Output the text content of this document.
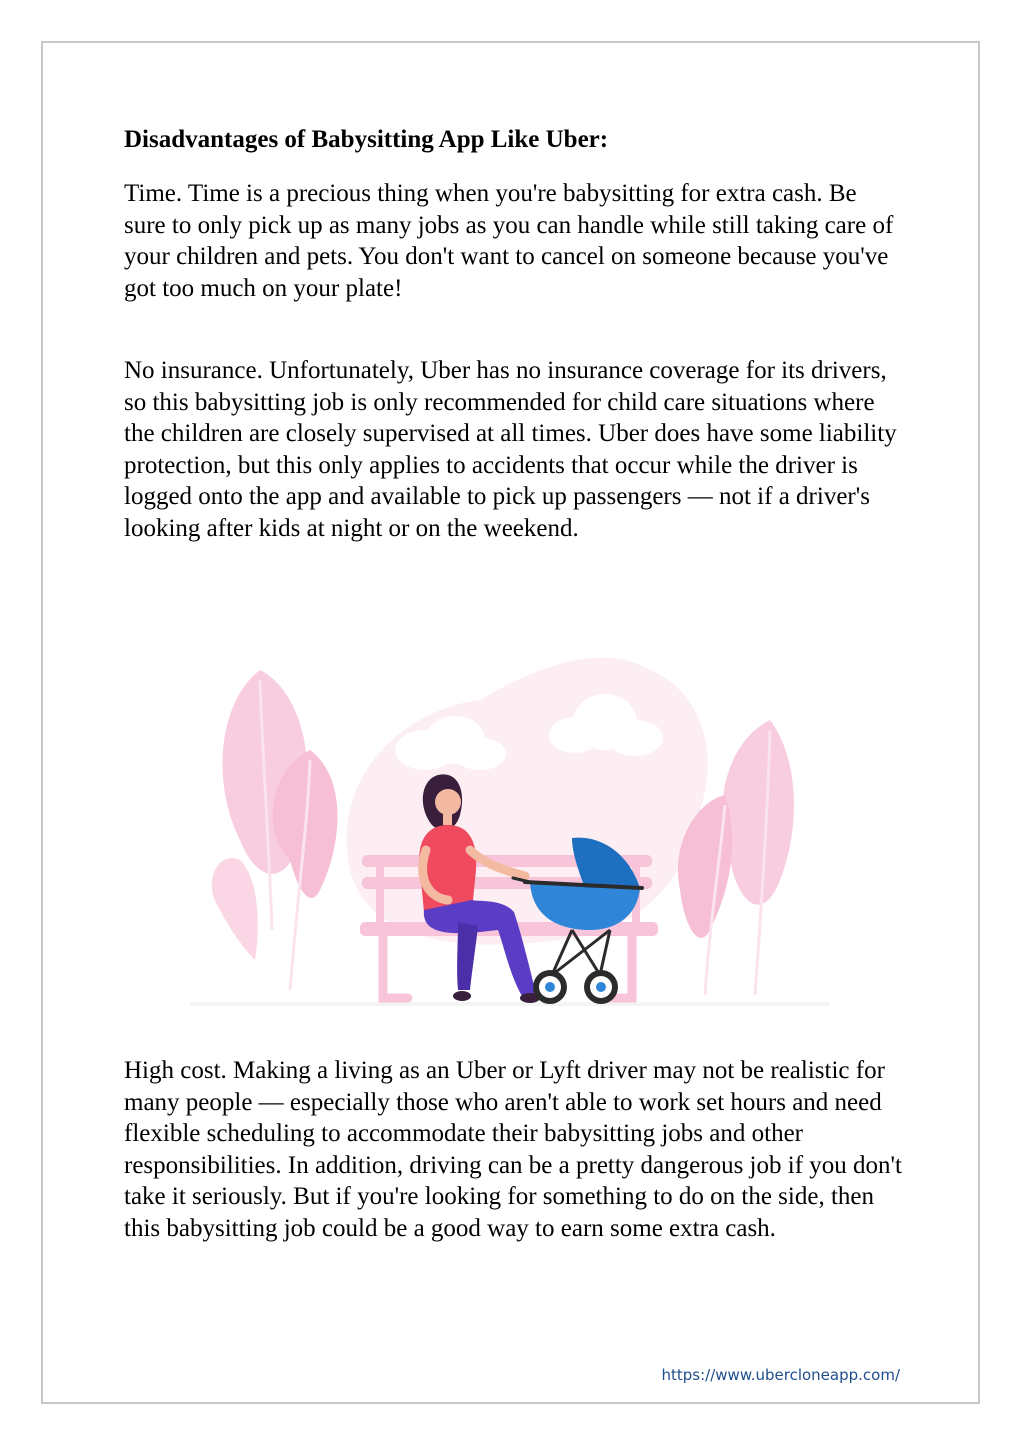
Disadvantages of Babysitting App Like Uber:

Time. Time is a precious thing when you're babysitting for extra cash. Be sure to only pick up as many jobs as you can handle while still taking care of your children and pets. You don't want to cancel on someone because you've got too much on your plate!

No insurance. Unfortunately, Uber has no insurance coverage for its drivers, so this babysitting job is only recommended for child care situations where the children are closely supervised at all times. Uber does have some liability protection, but this only applies to accidents that occur while the driver is logged onto the app and available to pick up passengers — not if a driver's looking after kids at night or on the weekend.

High cost. Making a living as an Uber or Lyft driver may not be realistic for many people — especially those who aren't able to work set hours and need flexible scheduling to accommodate their babysitting jobs and other responsibilities. In addition, driving can be a pretty dangerous job if you don't take it seriously. But if you're looking for something to do on the side, then this babysitting job could be a good way to earn some extra cash.

https://www.ubercloneapp.com/
